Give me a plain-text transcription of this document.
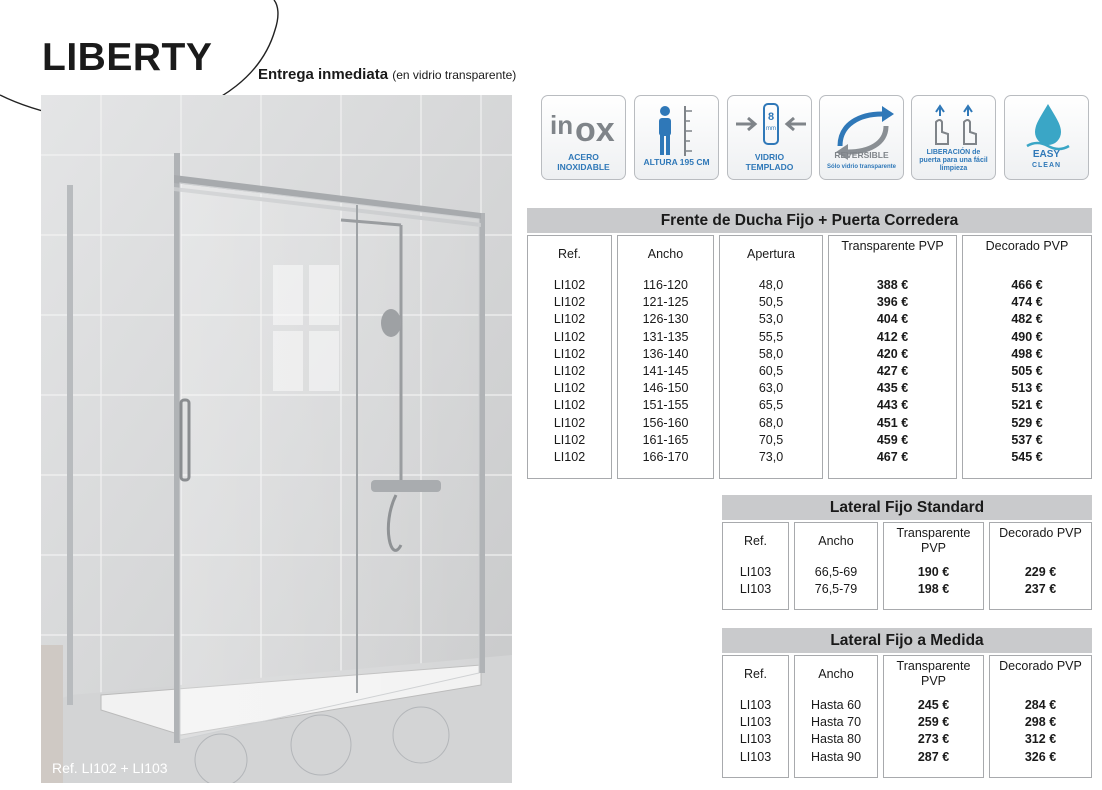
LIBERTY	Entrega inmediata (en vidrio transparente)
Ref. LI102 + LI103
in ox
ACERO
INOXIDABLE	ALTURA 195 CM
8
mm
VIDRIO
TEMPLADO
REVERSIBLE
Sólo vidrio transparente
LIBERACIÓN de
puerta para una fácil limpieza
EASY
CLEAN
Frente de Ducha Fijo + Puerta Corredera
Ref.
LI102
LI102
LI102
LI102
LI102
LI102
LI102
LI102
LI102
LI102
LI102
Ancho
116-120
121-125
126-130
131-135
136-140
141-145
146-150
151-155
156-160
161-165
166-170
Apertura
48,0
50,5
53,0
55,5
58,0
60,5
63,0
65,5
68,0
70,5
73,0
Transparente PVP
388 €
396 €
404 €
412 €
420 €
427 €
435 €
443 €
451 €
459 €
467 €
Decorado PVP
466 €
474 €
482 €
490 €
498 €
505 €
513 €
521 €
529 €
537 €
545 €
Lateral Fijo Standard
Ref.
LI103
LI103
Ancho
66,5-69
76,5-79
Transparente PVP
190 €
198 €
Decorado PVP
229 €
237 €
Lateral Fijo a Medida
Ref.
LI103
LI103
LI103
LI103
Ancho
Hasta 60
Hasta 70
Hasta 80
Hasta 90
Transparente PVP
245 €
259 €
273 €
287 €
Decorado PVP
284 €
298 €
312 €
326 €
